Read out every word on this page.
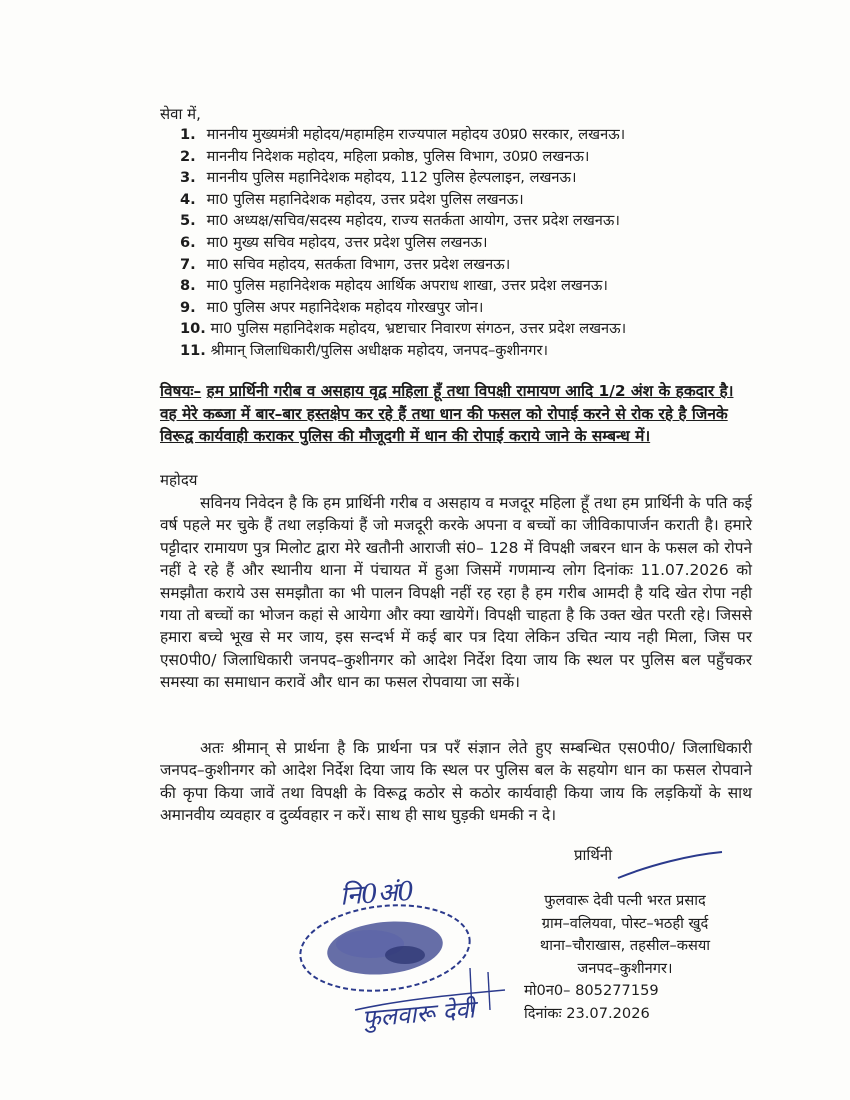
सेवा में,
1. माननीय मुख्यमंत्री महोदय/महामहिम राज्यपाल महोदय उ0प्र0 सरकार, लखनऊ।
2. माननीय निदेशक महोदय, महिला प्रकोष्ठ, पुलिस विभाग, उ0प्र0 लखनऊ।
3. माननीय पुलिस महानिदेशक महोदय, 112 पुलिस हेल्पलाइन, लखनऊ।
4. मा0 पुलिस महानिदेशक महोदय, उत्तर प्रदेश पुलिस लखनऊ।
5. मा0 अध्यक्ष/सचिव/सदस्य महोदय, राज्य सतर्कता आयोग, उत्तर प्रदेश लखनऊ।
6. मा0 मुख्य सचिव महोदय, उत्तर प्रदेश पुलिस लखनऊ।
7. मा0 सचिव महोदय, सतर्कता विभाग, उत्तर प्रदेश लखनऊ।
8. मा0 पुलिस महानिदेशक महोदय आर्थिक अपराध शाखा, उत्तर प्रदेश लखनऊ।
9. मा0 पुलिस अपर महानिदेशक महोदय गोरखपुर जोन।
10. मा0 पुलिस महानिदेशक महोदय, भ्रष्टाचार निवारण संगठन, उत्तर प्रदेश लखनऊ।
11. श्रीमान् जिलाधिकारी/पुलिस अधीक्षक महोदय, जनपद–कुशीनगर।
विषयः– हम प्रार्थिनी गरीब व असहाय वृद्व महिला हूँ तथा विपक्षी रामायण आदि 1/2 अंश के हकदार है। वह मेरे कब्जा में बार–बार हस्तक्षेप कर रहे हैं तथा धान की फसल को रोपाई करने से रोक रहे है जिनके विरूद्व कार्यवाही कराकर पुलिस की मौजूदगी में धान की रोपाई कराये जाने के सम्बन्ध में।
महोदय
सविनय निवेदन है कि हम प्रार्थिनी गरीब व असहाय व मजदूर महिला हूँ तथा हम प्रार्थिनी के पति कई वर्ष पहले मर चुके हैं तथा लड़कियां हैं जो मजदूरी करके अपना व बच्चों का जीविकापार्जन कराती है। हमारे पट्टीदार रामायण पुत्र मिलोट द्वारा मेरे खतौनी आराजी सं0– 128 में विपक्षी जबरन धान के फसल को रोपने नहीं दे रहे हैं और स्थानीय थाना में पंचायत में हुआ जिसमें गणमान्य लोग दिनांकः 11.07.2026 को समझौता कराये उस समझौता का भी पालन विपक्षी नहीं रह रहा है हम गरीब आमदी है यदि खेत रोपा नही गया तो बच्चों का भोजन कहां से आयेगा और क्या खायेगें। विपक्षी चाहता है कि उक्त खेत परती रहे। जिससे हमारा बच्चे भूख से मर जाय, इस सन्दर्भ में कई बार पत्र दिया लेकिन उचित न्याय नही मिला, जिस पर एस0पी0/ जिलाधिकारी जनपद–कुशीनगर को आदेश निर्देश दिया जाय कि स्थल पर पुलिस बल पहुँचकर समस्या का समाधान करावें और धान का फसल रोपवाया जा सकें।
अतः श्रीमान् से प्रार्थना है कि प्रार्थना पत्र परँ संज्ञान लेते हुए सम्बन्धित एस0पी0/ जिलाधिकारी जनपद–कुशीनगर को आदेश निर्देश दिया जाय कि स्थल पर पुलिस बल के सहयोग धान का फसल रोपवाने की कृपा किया जावें तथा विपक्षी के विरूद्व कठोर से कठोर कार्यवाही किया जाय कि लड़कियों के साथ अमानवीय व्यवहार व दुर्व्यवहार न करें। साथ ही साथ घुड़की धमकी न दे।
प्रार्थिनी
फुलवारू देवी पत्नी भरत प्रसाद
ग्राम–वलियवा, पोस्ट–भठही खुर्द
थाना–चौराखास, तहसील–कसया
जनपद–कुशीनगर।
मो0न0– 805277159
दिनांकः 23.07.2026
नि0अं0
फुलवारू देवी
